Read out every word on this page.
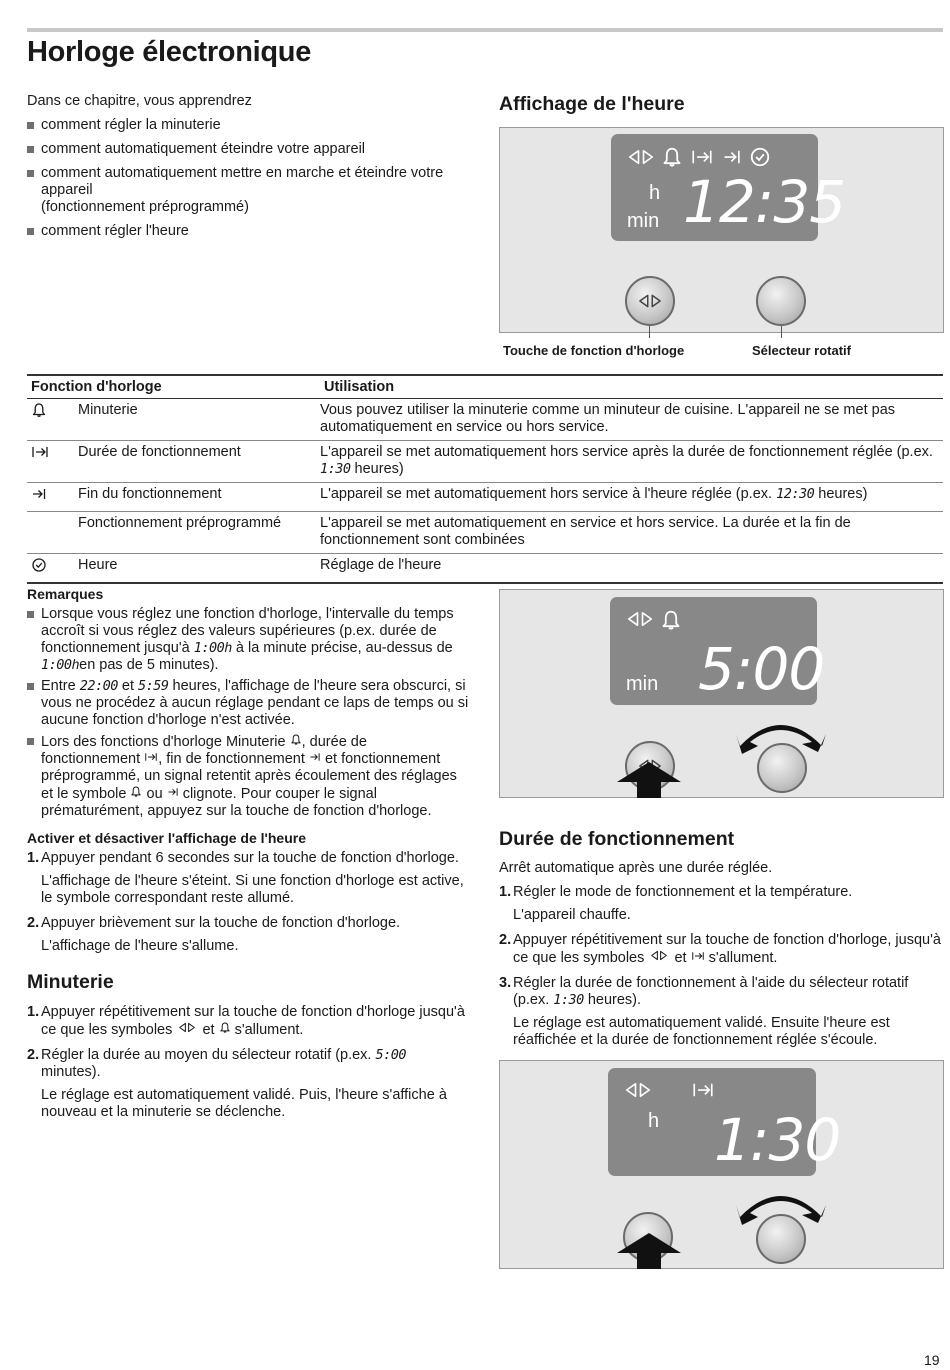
Horloge électronique

Dans ce chapitre, vous apprendrez

comment régler la minuterie
comment automatiquement éteindre votre appareil
comment automatiquement mettre en marche et éteindre votre appareil
(fonctionnement préprogrammé)
comment régler l'heure
Affichage de l'heure
h
min 12:35
Touche de fonction d'horloge	Sélecteur rotatif
Fonction d'horloge		Utilisation
	Minuterie	Vous pouvez utiliser la minuterie comme un minuteur de cuisine. L'appareil ne se met pas automatiquement en service ou hors service.
	Durée de fonctionnement	L'appareil se met automatiquement hors service après la durée de fonctionnement réglée (p.ex. 1:30 heures)
	Fin du fonctionnement	L'appareil se met automatiquement hors service à l'heure réglée (p.ex. 12:30 heures)
	Fonctionnement préprogrammé	L'appareil se met automatiquement en service et hors service. La durée et la fin de fonctionnement sont combinées
	Heure	Réglage de l'heure
Remarques
Lorsque vous réglez une fonction d'horloge, l'intervalle du temps accroît si vous réglez des valeurs supérieures (p.ex. durée de fonctionnement jusqu'à 1:00h à la minute précise, au-dessus de 1:00hen pas de 5 minutes).
Entre 22:00 et 5:59 heures, l'affichage de l'heure sera obscurci, si vous ne procédez à aucun réglage pendant ce laps de temps ou si aucune fonction d'horloge n'est activée.
Lors des fonctions d'horloge Minuterie , durée de fonctionnement , fin de fonctionnement et fonctionnement préprogrammé, un signal retentit après écoulement des réglages et le symbole ou clignote. Pour couper le signal prématurément, appuyez sur la touche de fonction d'horloge.
Activer et désactiver l'affichage de l'heure
1. Appuyer pendant 6 secondes sur la touche de fonction d'horloge.

L'affichage de l'heure s'éteint. Si une fonction d'horloge est active, le symbole correspondant reste allumé.

2. Appuyer brièvement sur la touche de fonction d'horloge.

L'affichage de l'heure s'allume.

Minuterie
1. Appuyer répétitivement sur la touche de fonction d'horloge jusqu'à ce que les symboles et s'allument.
2. Régler la durée au moyen du sélecteur rotatif (p.ex. 5:00 minutes).

Le réglage est automatiquement validé. Puis, l'heure s'affiche à nouveau et la minuterie se déclenche.

min 5:00
Durée de fonctionnement

Arrêt automatique après une durée réglée.

1. Régler le mode de fonctionnement et la température.

L'appareil chauffe.

2. Appuyer répétitivement sur la touche de fonction d'horloge, jusqu'à ce que les symboles et s'allument.
3. Régler la durée de fonctionnement à l'aide du sélecteur rotatif (p.ex. 1:30 heures).

Le réglage est automatiquement validé. Ensuite l'heure est réaffichée et la durée de fonctionnement réglée s'écoule.

h 1:30
19
